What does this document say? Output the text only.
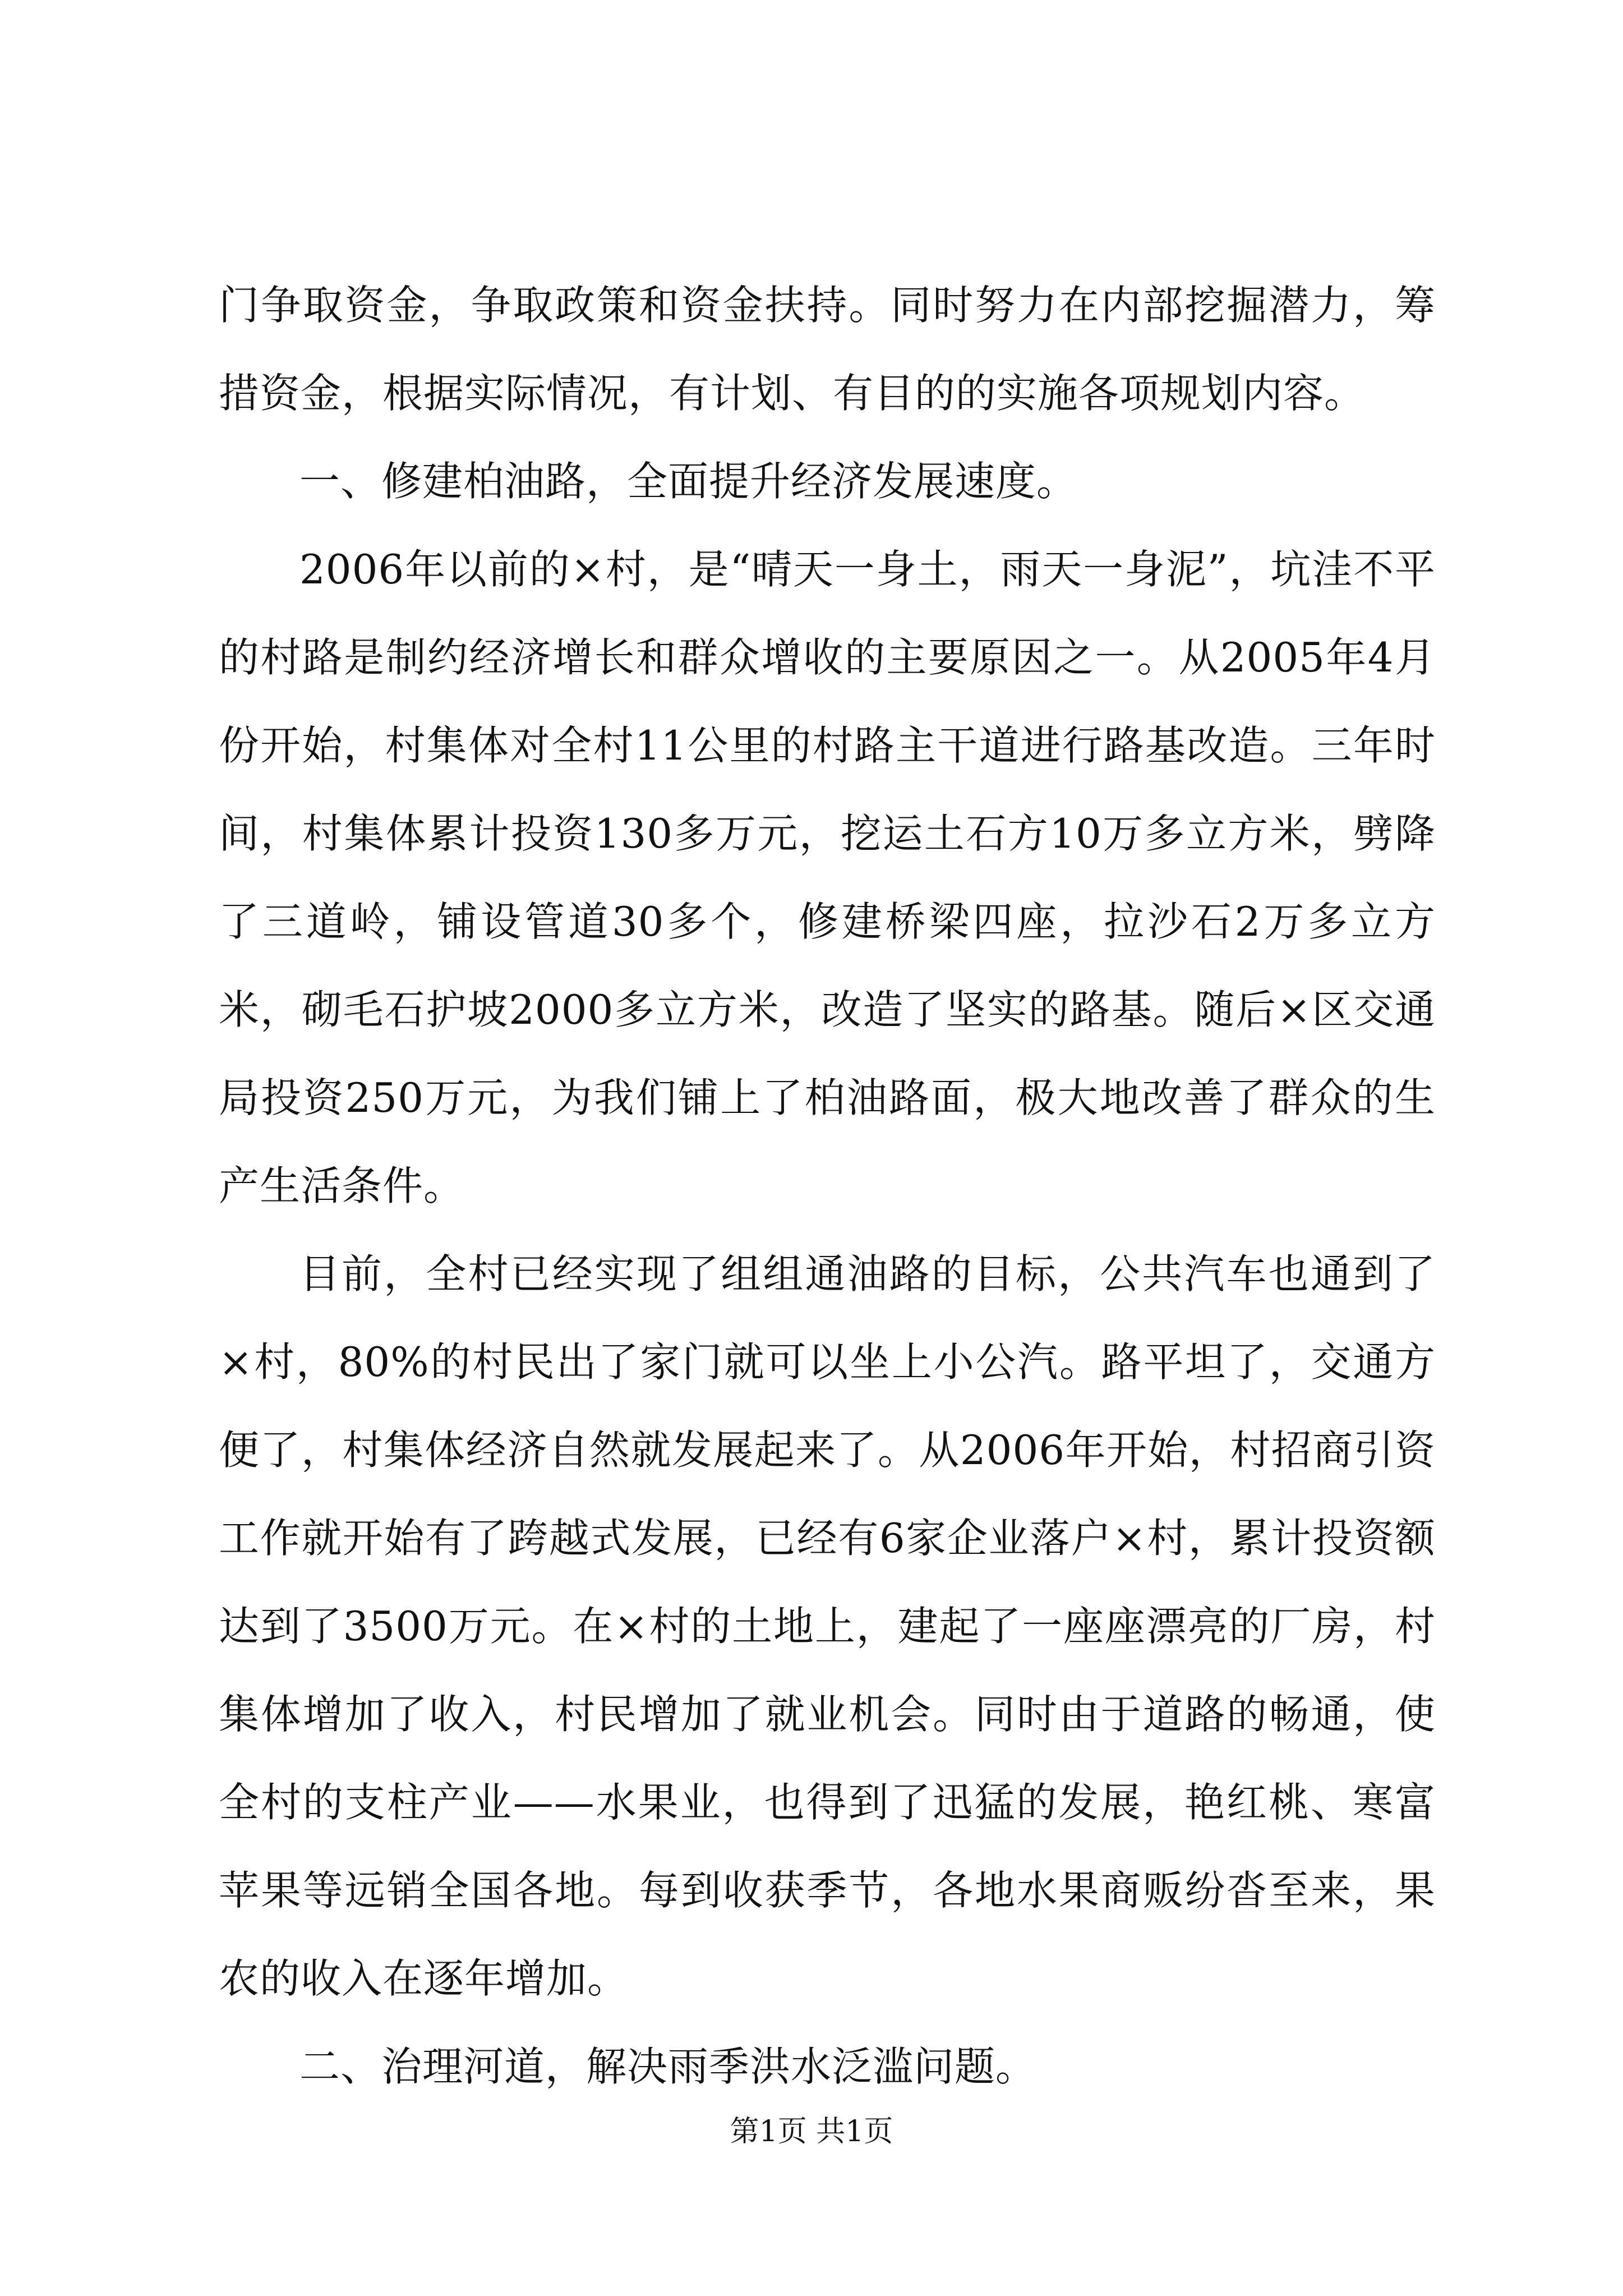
门争取资金，争取政策和资金扶持。同时努力在内部挖掘潜力，筹措资金，根据实际情况，有计划、有目的的实施各项规划内容。

一、修建柏油路，全面提升经济发展速度。

2006年以前的×村，是“晴天一身土，雨天一身泥”，坑洼不平的村路是制约经济增长和群众增收的主要原因之一。从2005年4月份开始，村集体对全村11公里的村路主干道进行路基改造。三年时间，村集体累计投资130多万元，挖运土石方10万多立方米，劈降了三道岭，铺设管道30多个，修建桥梁四座，拉沙石2万多立方米，砌毛石护坡2000多立方米，改造了坚实的路基。随后×区交通局投资250万元，为我们铺上了柏油路面，极大地改善了群众的生产生活条件。

目前，全村已经实现了组组通油路的目标，公共汽车也通到了×村，80%的村民出了家门就可以坐上小公汽。路平坦了，交通方便了，村集体经济自然就发展起来了。从2006年开始，村招商引资工作就开始有了跨越式发展，已经有6家企业落户×村，累计投资额达到了3500万元。在×村的土地上，建起了一座座漂亮的厂房，村集体增加了收入，村民增加了就业机会。同时由于道路的畅通，使全村的支柱产业——水果业，也得到了迅猛的发展，艳红桃、寒富苹果等远销全国各地。每到收获季节，各地水果商贩纷沓至来，果农的收入在逐年增加。

二、治理河道，解决雨季洪水泛滥问题。

第1页 共1页
